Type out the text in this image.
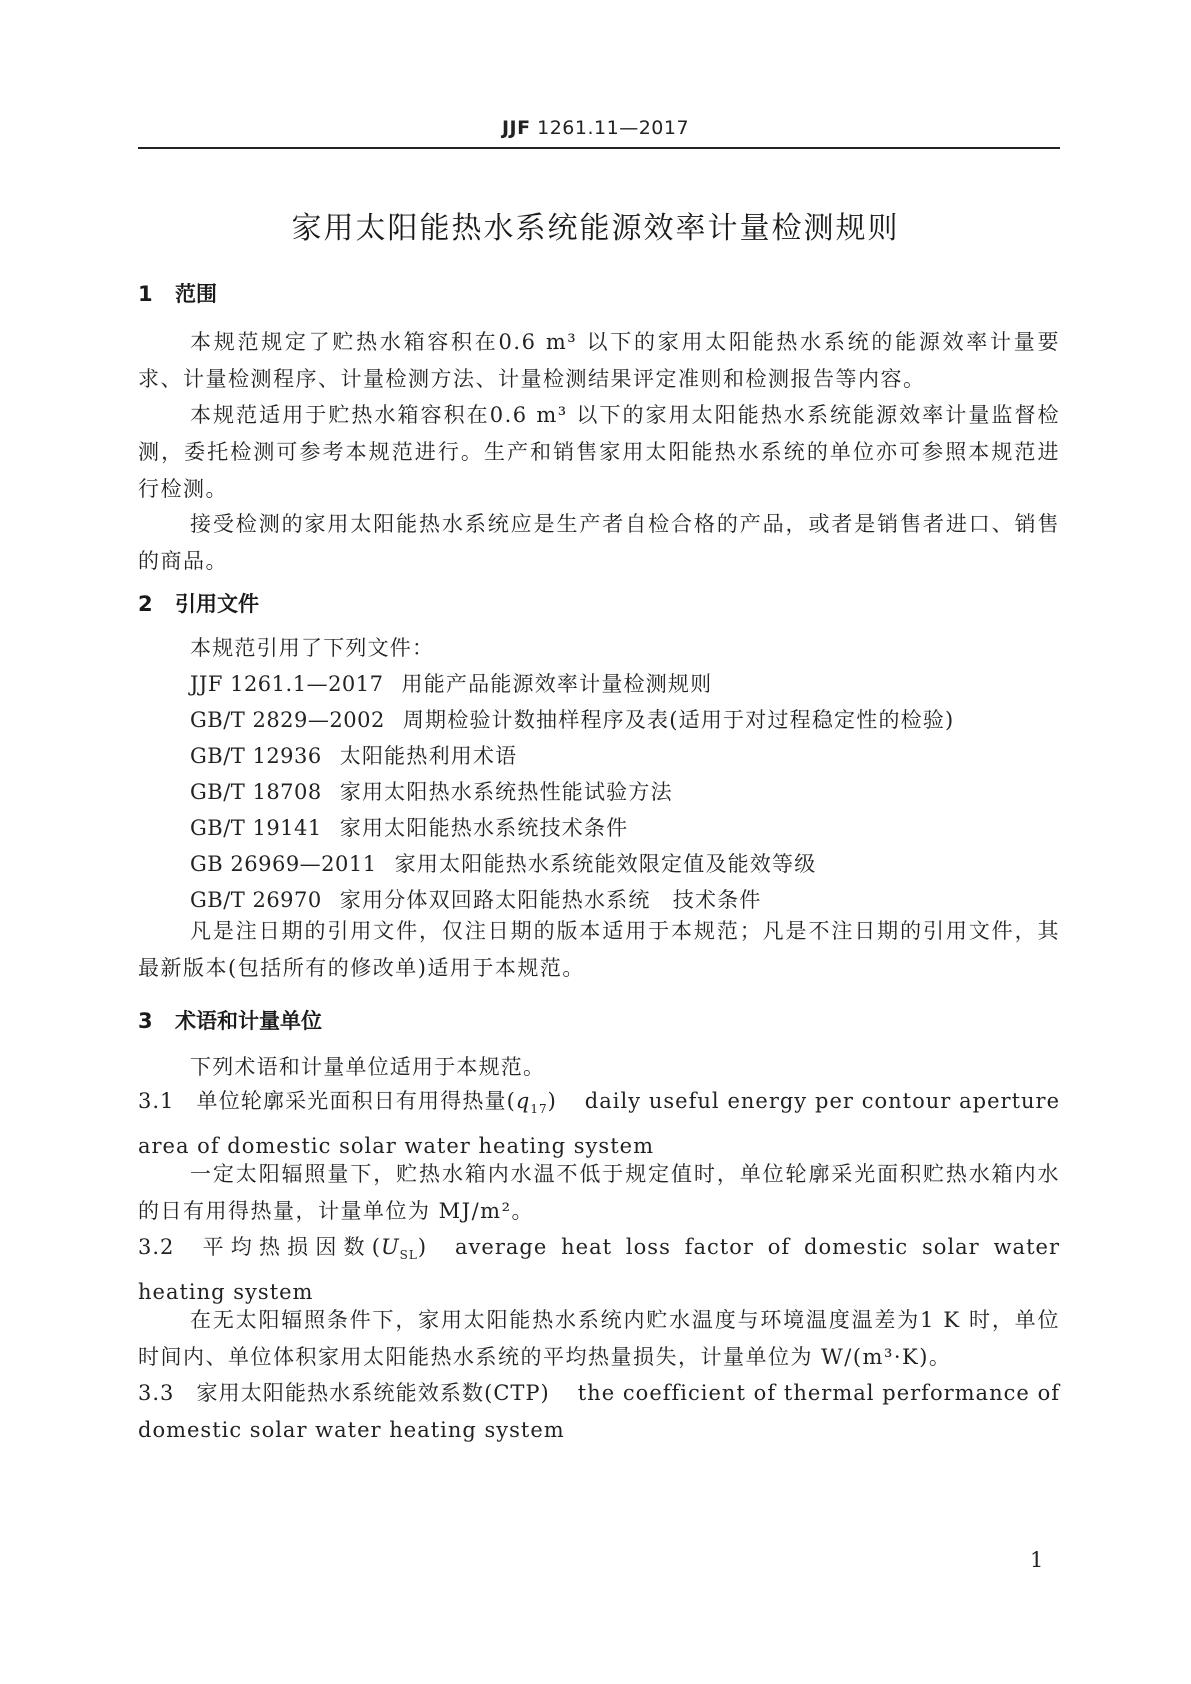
JJF 1261.11—2017
家用太阳能热水系统能源效率计量检测规则
1 范围

本规范规定了贮热水箱容积在0.6 m³ 以下的家用太阳能热水系统的能源效率计量要求、计量检测程序、计量检测方法、计量检测结果评定准则和检测报告等内容。

本规范适用于贮热水箱容积在0.6 m³ 以下的家用太阳能热水系统能源效率计量监督检测，委托检测可参考本规范进行。生产和销售家用太阳能热水系统的单位亦可参照本规范进行检测。

接受检测的家用太阳能热水系统应是生产者自检合格的产品，或者是销售者进口、销售的商品。

2 引用文件
本规范引用了下列文件：
JJF 1261.1—2017 用能产品能源效率计量检测规则
GB/T 2829—2002 周期检验计数抽样程序及表(适用于对过程稳定性的检验)
GB/T 12936 太阳能热利用术语
GB/T 18708 家用太阳热水系统热性能试验方法
GB/T 19141 家用太阳能热水系统技术条件
GB 26969—2011 家用太阳能热水系统能效限定值及能效等级
GB/T 26970 家用分体双回路太阳能热水系统　技术条件

凡是注日期的引用文件，仅注日期的版本适用于本规范；凡是不注日期的引用文件，其最新版本(包括所有的修改单)适用于本规范。

3 术语和计量单位
下列术语和计量单位适用于本规范。

3.1 单位轮廓采光面积日有用得热量$(q_{17})$ daily useful energy per contour aperture area of domestic solar water heating system

一定太阳辐照量下，贮热水箱内水温不低于规定值时，单位轮廓采光面积贮热水箱内水的日有用得热量，计量单位为 MJ/m²。

3.2 平均热损因数$(U_{SL})$ average heat loss factor of domestic solar water heating system

在无太阳辐照条件下，家用太阳能热水系统内贮水温度与环境温度温差为1 K 时，单位时间内、单位体积家用太阳能热水系统的平均热量损失，计量单位为 W/(m³·K)。

3.3 家用太阳能热水系统能效系数(CTP) the coefficient of thermal performance of domestic solar water heating system

1
